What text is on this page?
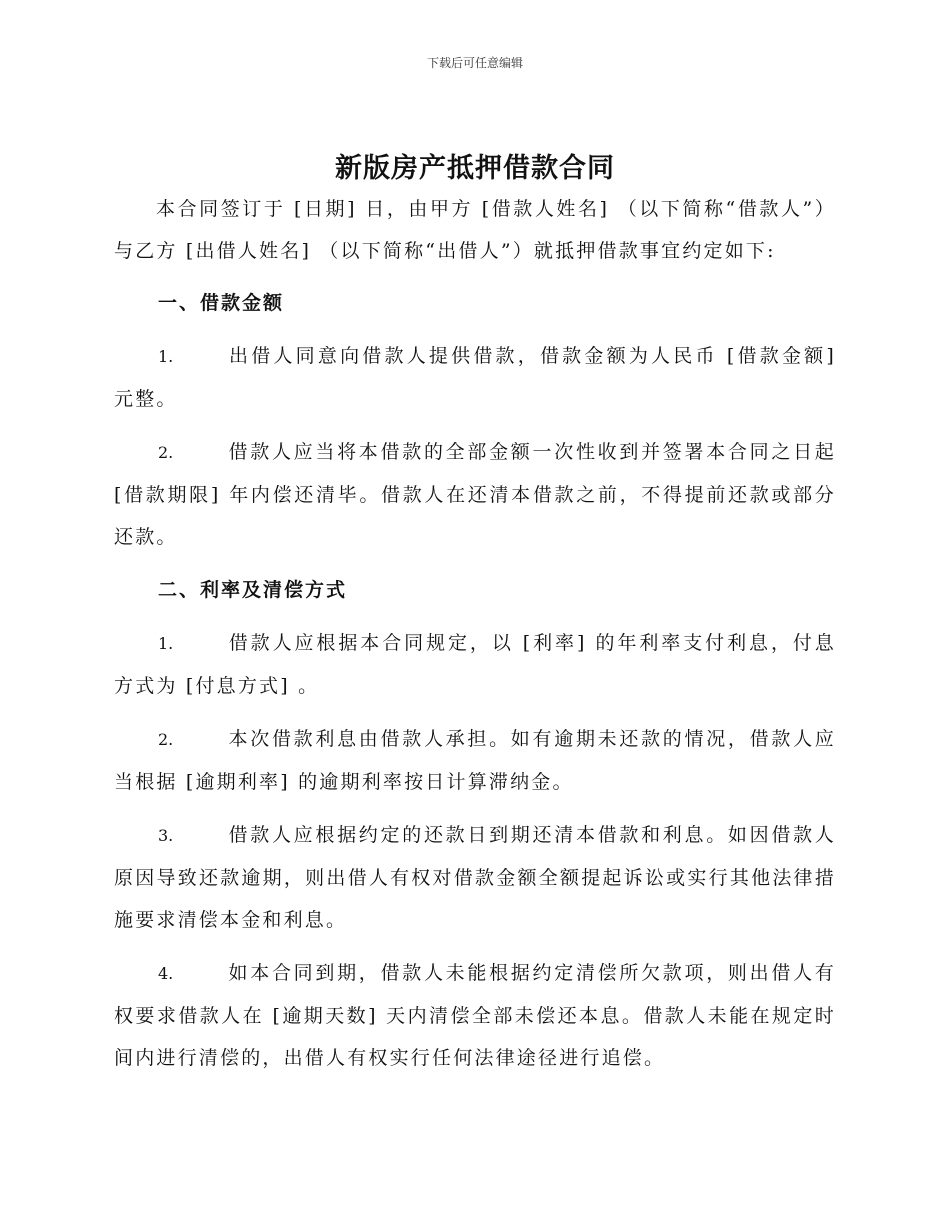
下载后可任意编辑
新版房产抵押借款合同

本合同签订于 [日期] 日，由甲方 [借款人姓名] （以下简称“借款人”）与乙方 [出借人姓名] （以下简称“出借人”）就抵押借款事宜约定如下:

一、借款金额

1.	出借人同意向借款人提供借款，借款金额为人民币 [借款金额] 元整。

2.	借款人应当将本借款的全部金额一次性收到并签署本合同之日起 [借款期限] 年内偿还清毕。借款人在还清本借款之前，不得提前还款或部分还款。

二、利率及清偿方式

1.	借款人应根据本合同规定，以 [利率] 的年利率支付利息，付息方式为 [付息方式] 。

2.	本次借款利息由借款人承担。如有逾期未还款的情况，借款人应当根据 [逾期利率] 的逾期利率按日计算滞纳金。

3.	借款人应根据约定的还款日到期还清本借款和利息。如因借款人原因导致还款逾期，则出借人有权对借款金额全额提起诉讼或实行其他法律措施要求清偿本金和利息。

4.	如本合同到期，借款人未能根据约定清偿所欠款项，则出借人有权要求借款人在 [逾期天数] 天内清偿全部未偿还本息。借款人未能在规定时间内进行清偿的，出借人有权实行任何法律途径进行追偿。
